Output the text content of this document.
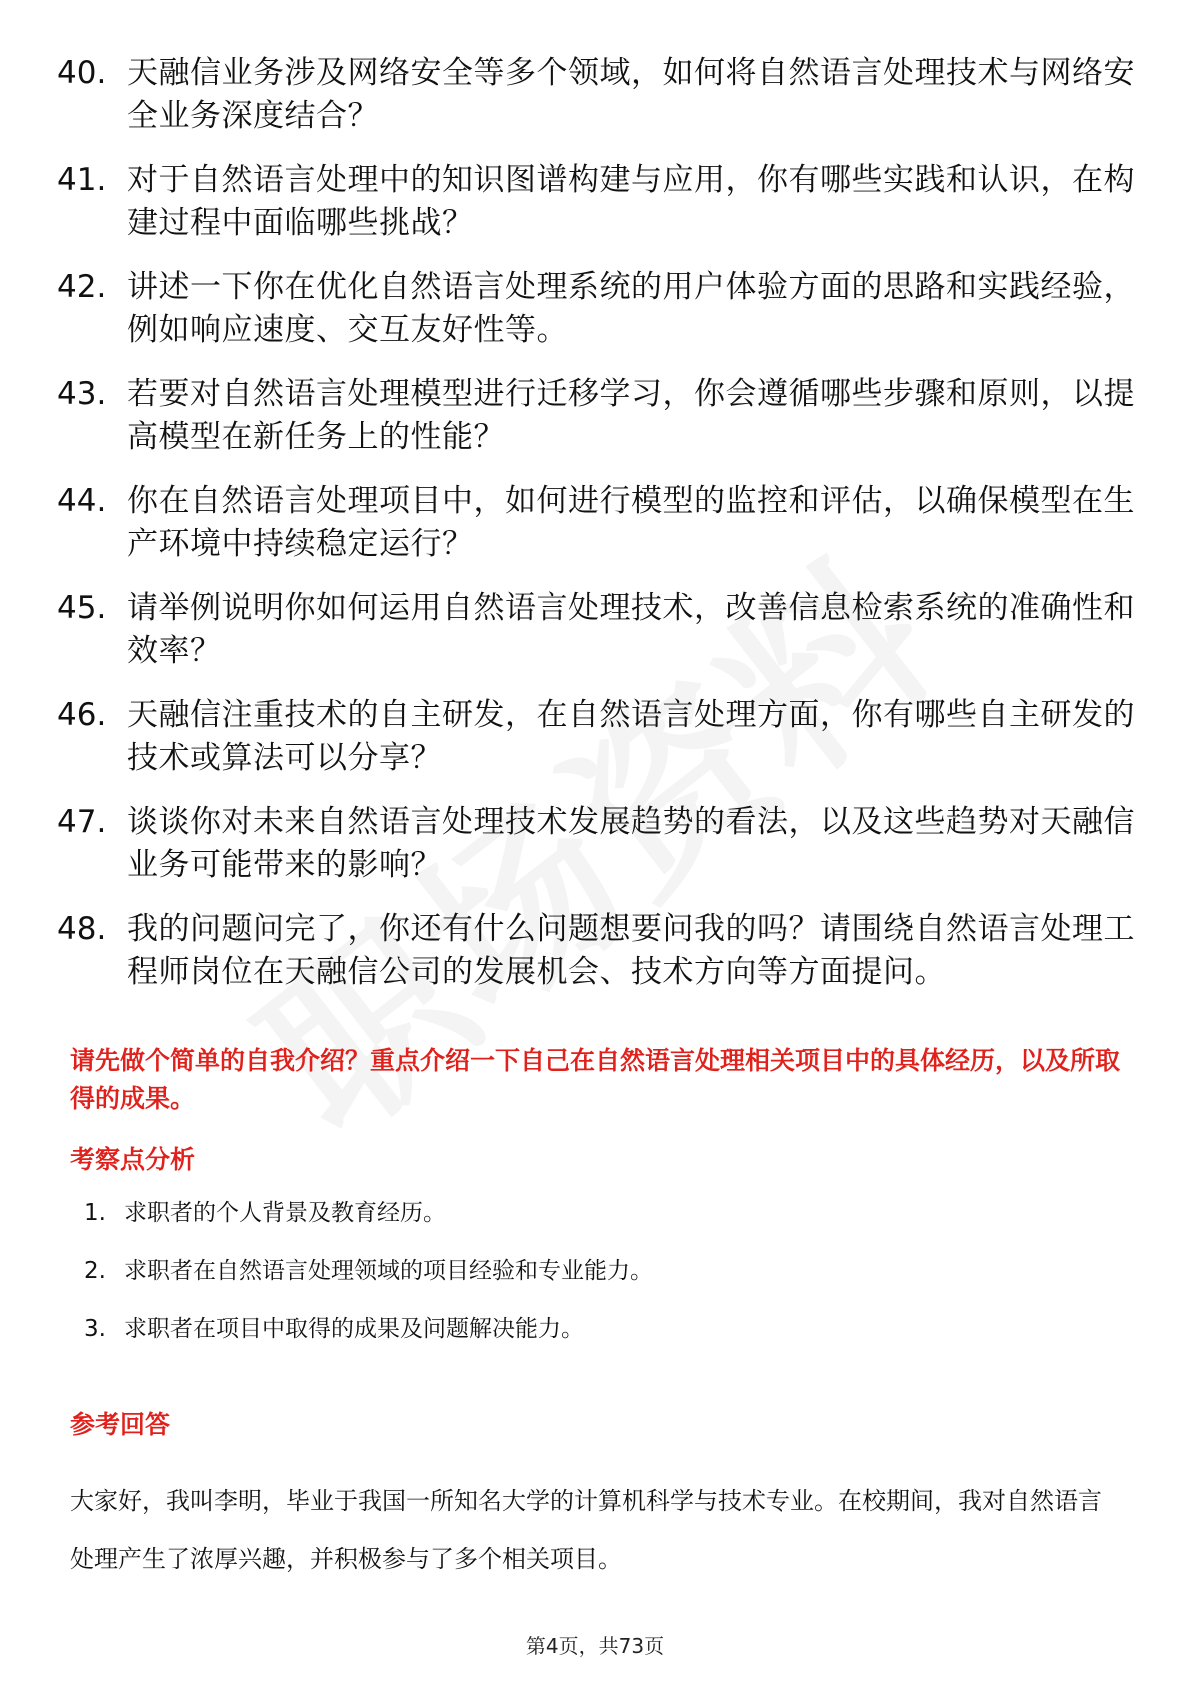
40. 天融信业务涉及网络安全等多个领域，如何将自然语言处理技术与网络安全业务深度结合？
41. 对于自然语言处理中的知识图谱构建与应用，你有哪些实践和认识，在构建过程中面临哪些挑战？
42. 讲述一下你在优化自然语言处理系统的用户体验方面的思路和实践经验，例如响应速度、交互友好性等。
43. 若要对自然语言处理模型进行迁移学习，你会遵循哪些步骤和原则，以提高模型在新任务上的性能？
44. 你在自然语言处理项目中，如何进行模型的监控和评估，以确保模型在生产环境中持续稳定运行？
45. 请举例说明你如何运用自然语言处理技术，改善信息检索系统的准确性和效率？
46. 天融信注重技术的自主研发，在自然语言处理方面，你有哪些自主研发的技术或算法可以分享？
47. 谈谈你对未来自然语言处理技术发展趋势的看法，以及这些趋势对天融信业务可能带来的影响？
48. 我的问题问完了，你还有什么问题想要问我的吗？请围绕自然语言处理工程师岗位在天融信公司的发展机会、技术方向等方面提问。
请先做个简单的自我介绍？重点介绍一下自己在自然语言处理相关项目中的具体经历，以及所取得的成果。
考察点分析
1. 求职者的个人背景及教育经历。
2. 求职者在自然语言处理领域的项目经验和专业能力。
3. 求职者在项目中取得的成果及问题解决能力。
参考回答
大家好，我叫李明，毕业于我国一所知名大学的计算机科学与技术专业。在校期间，我对自然语言处理产生了浓厚兴趣，并积极参与了多个相关项目。
第4页，共73页
